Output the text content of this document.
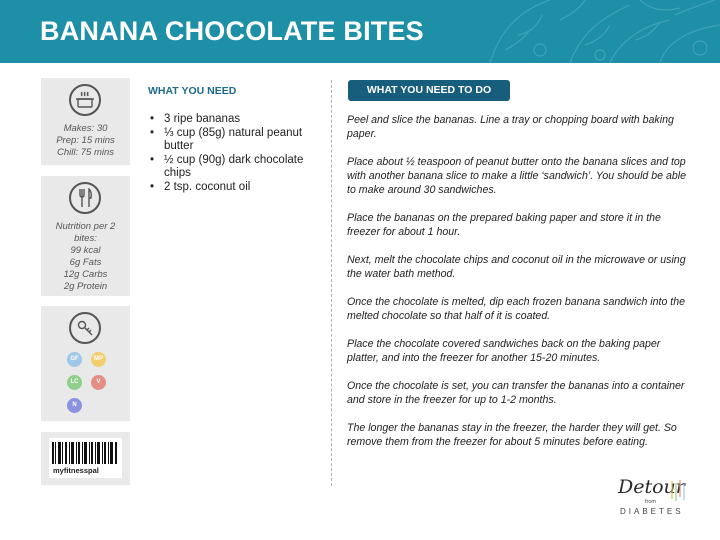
BANANA CHOCOLATE BITES
Makes: 30
Prep: 15 mins
Chill: 75 mins
Nutrition per 2 bites:
99 kcal
6g Fats
12g Carbs
2g Protein
GF	MP
LC	V
N
myfitnesspal
WHAT YOU NEED
• 3 ripe bananas
• ⅓ cup (85g) natural peanut butter
• ½ cup (90g) dark chocolate chips
• 2 tsp. coconut oil
WHAT YOU NEED TO DO

Peel and slice the bananas. Line a tray or chopping board with baking paper.

Place about ½ teaspoon of peanut butter onto the banana slices and top with another banana slice to make a little ‘sandwich’. You should be able to make around 30 sandwiches.

Place the bananas on the prepared baking paper and store it in the freezer for about 1 hour.

Next, melt the chocolate chips and coconut oil in the microwave or using the water bath method.

Once the chocolate is melted, dip each frozen banana sandwich into the melted chocolate so that half of it is coated.

Place the chocolate covered sandwiches back on the baking paper platter, and into the freezer for another 15-20 minutes.

Once the chocolate is set, you can transfer the bananas into a container and store in the freezer for up to 1-2 months.

The longer the bananas stay in the freezer, the harder they will get. So remove them from the freezer for about 5 minutes before eating.

Detour
from
DIABETES
